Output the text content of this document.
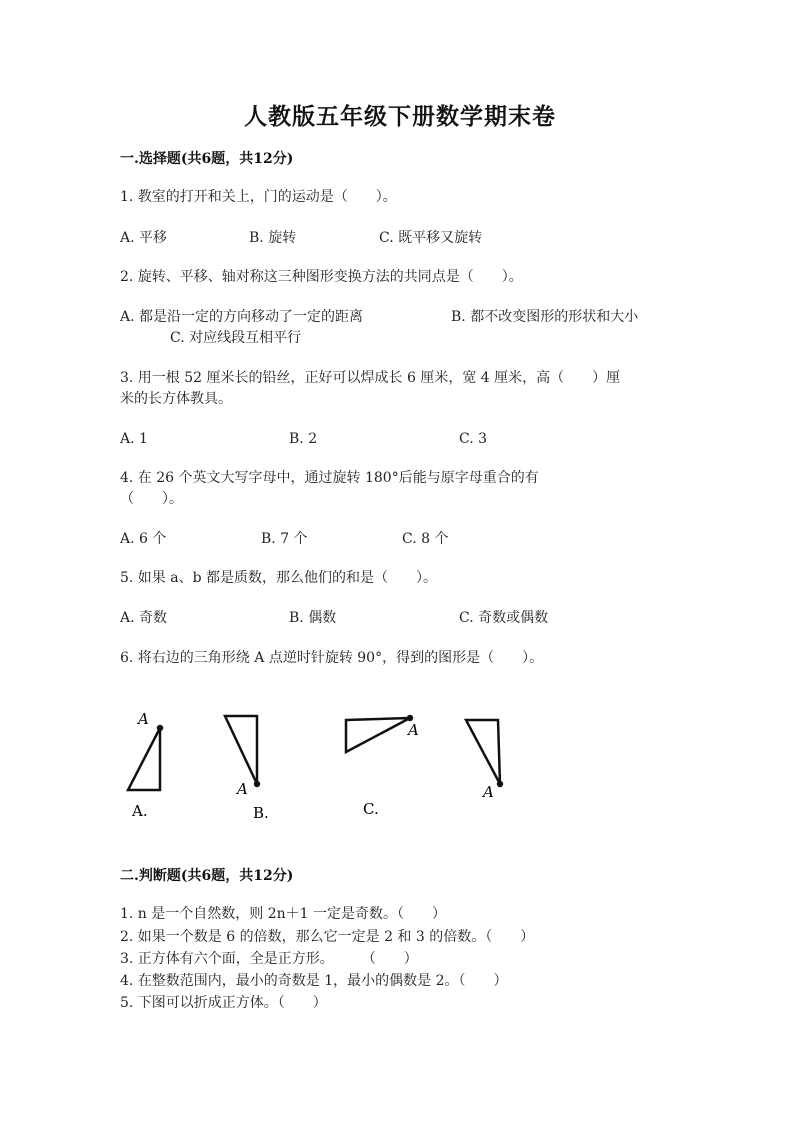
人教版五年级下册数学期末卷
一.选择题(共6题，共12分)
1. 教室的打开和关上，门的运动是（　　）。
A. 平移	B. 旋转	C. 既平移又旋转
2. 旋转、平移、轴对称这三种图形变换方法的共同点是（　　）。
A. 都是沿一定的方向移动了一定的距离	B. 都不改变图形的形状和大小
C. 对应线段互相平行
3. 用一根 52 厘米长的铅丝，正好可以焊成长 6 厘米，宽 4 厘米，高（　　）厘
米的长方体教具。
A. 1	B. 2	C. 3
4. 在 26 个英文大写字母中，通过旋转 180°后能与原字母重合的有
（　　）。
A. 6 个	B. 7 个	C. 8 个
5. 如果 a、b 都是质数，那么他们的和是（　　）。
A. 奇数	B. 偶数	C. 奇数或偶数
6. 将右边的三角形绕 A 点逆时针旋转 90°，得到的图形是（　　）。
A
A.
A
B.
A
C.
A
二.判断题(共6题，共12分)
1. n 是一个自然数，则 2n＋1 一定是奇数。（　　）
2. 如果一个数是 6 的倍数，那么它一定是 2 和 3 的倍数。（　　）
3. 正方体有六个面，全是正方形。　　　（　　）
4. 在整数范围内，最小的奇数是 1，最小的偶数是 2。（　　）
5. 下图可以折成正方体。（　　）
